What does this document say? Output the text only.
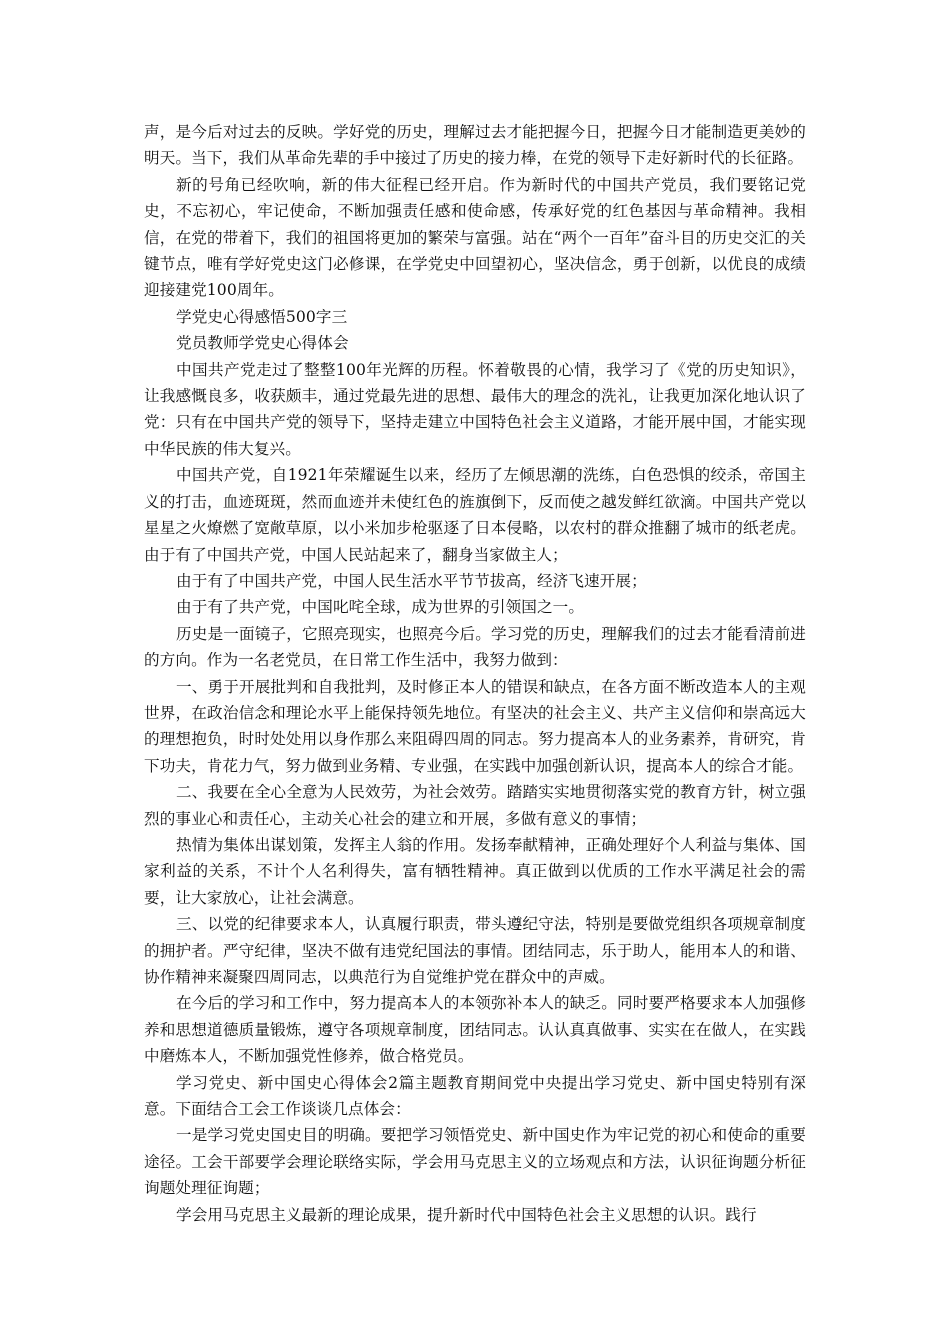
声，是今后对过去的反映。学好党的历史，理解过去才能把握今日，把握今日才能制造更美妙的明天。当下，我们从革命先辈的手中接过了历史的接力棒，在党的领导下走好新时代的长征路。

新的号角已经吹响，新的伟大征程已经开启。作为新时代的中国共产党员，我们要铭记党史，不忘初心，牢记使命，不断加强责任感和使命感，传承好党的红色基因与革命精神。我相信，在党的带着下，我们的祖国将更加的繁荣与富强。站在“两个一百年”奋斗目的历史交汇的关键节点，唯有学好党史这门必修课，在学党史中回望初心，坚决信念，勇于创新，以优良的成绩迎接建党100周年。

学党史心得感悟500字三

党员教师学党史心得体会

中国共产党走过了整整100年光辉的历程。怀着敬畏的心情，我学习了《党的历史知识》，让我感慨良多，收获颇丰，通过党最先进的思想、最伟大的理念的洗礼，让我更加深化地认识了党：只有在中国共产党的领导下，坚持走建立中国特色社会主义道路，才能开展中国，才能实现中华民族的伟大复兴。

中国共产党，自1921年荣耀诞生以来，经历了左倾思潮的洗练，白色恐惧的绞杀，帝国主义的打击，血迹斑斑，然而血迹并未使红色的旌旗倒下，反而使之越发鲜红欲滴。中国共产党以星星之火燎燃了宽敞草原，以小米加步枪驱逐了日本侵略，以农村的群众推翻了城市的纸老虎。由于有了中国共产党，中国人民站起来了，翻身当家做主人；

由于有了中国共产党，中国人民生活水平节节拔高，经济飞速开展；

由于有了共产党，中国叱咤全球，成为世界的引领国之一。

历史是一面镜子，它照亮现实，也照亮今后。学习党的历史，理解我们的过去才能看清前进的方向。作为一名老党员，在日常工作生活中，我努力做到：

一、勇于开展批判和自我批判，及时修正本人的错误和缺点，在各方面不断改造本人的主观世界，在政治信念和理论水平上能保持领先地位。有坚决的社会主义、共产主义信仰和崇高远大的理想抱负，时时处处用以身作那么来阻碍四周的同志。努力提高本人的业务素养，肯研究，肯下功夫，肯花力气，努力做到业务精、专业强，在实践中加强创新认识，提高本人的综合才能。

二、我要在全心全意为人民效劳，为社会效劳。踏踏实实地贯彻落实党的教育方针，树立强烈的事业心和责任心，主动关心社会的建立和开展，多做有意义的事情；

热情为集体出谋划策，发挥主人翁的作用。发扬奉献精神，正确处理好个人利益与集体、国家利益的关系，不计个人名利得失，富有牺牲精神。真正做到以优质的工作水平满足社会的需要，让大家放心，让社会满意。

三、以党的纪律要求本人，认真履行职责，带头遵纪守法，特别是要做党组织各项规章制度的拥护者。严守纪律，坚决不做有违党纪国法的事情。团结同志，乐于助人，能用本人的和谐、协作精神来凝聚四周同志，以典范行为自觉维护党在群众中的声威。

在今后的学习和工作中，努力提高本人的本领弥补本人的缺乏。同时要严格要求本人加强修养和思想道德质量锻炼，遵守各项规章制度，团结同志。认认真真做事、实实在在做人，在实践中磨炼本人，不断加强党性修养，做合格党员。

学习党史、新中国史心得体会2篇主题教育期间党中央提出学习党史、新中国史特别有深意。下面结合工会工作谈谈几点体会：

一是学习党史国史目的明确。要把学习领悟党史、新中国史作为牢记党的初心和使命的重要途径。工会干部要学会理论联络实际，学会用马克思主义的立场观点和方法，认识征询题分析征询题处理征询题；

学会用马克思主义最新的理论成果，提升新时代中国特色社会主义思想的认识。践行
